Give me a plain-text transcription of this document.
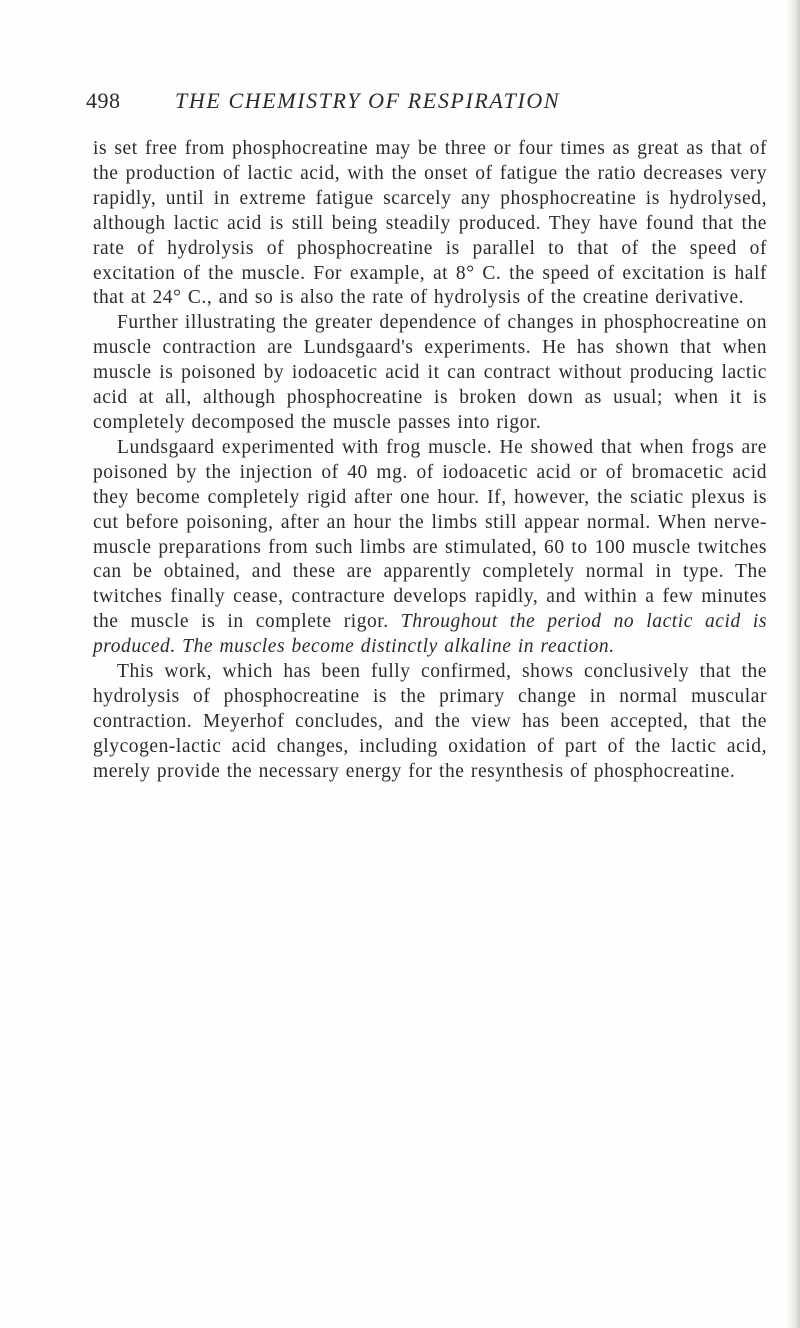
498 THE CHEMISTRY OF RESPIRATION

is set free from phosphocreatine may be three or four times as great as that of the production of lactic acid, with the onset of fatigue the ratio decreases very rapidly, until in extreme fatigue scarcely any phosphocreatine is hydrolysed, although lactic acid is still being steadily produced. They have found that the rate of hydrolysis of phosphocreatine is parallel to that of the speed of excitation of the muscle. For example, at 8° C. the speed of excitation is half that at 24° C., and so is also the rate of hydrolysis of the creatine derivative.

Further illustrating the greater dependence of changes in phosphocreatine on muscle contraction are Lundsgaard's experiments. He has shown that when muscle is poisoned by iodoacetic acid it can contract without producing lactic acid at all, although phosphocreatine is broken down as usual; when it is completely decomposed the muscle passes into rigor.

Lundsgaard experimented with frog muscle. He showed that when frogs are poisoned by the injection of 40 mg. of iodoacetic acid or of bromacetic acid they become completely rigid after one hour. If, however, the sciatic plexus is cut before poisoning, after an hour the limbs still appear normal. When nerve-muscle preparations from such limbs are stimulated, 60 to 100 muscle twitches can be obtained, and these are apparently completely normal in type. The twitches finally cease, contracture develops rapidly, and within a few minutes the muscle is in complete rigor. Throughout the period no lactic acid is produced. The muscles become distinctly alkaline in reaction.

This work, which has been fully confirmed, shows conclusively that the hydrolysis of phosphocreatine is the primary change in normal muscular contraction. Meyerhof concludes, and the view has been accepted, that the glycogen-lactic acid changes, including oxidation of part of the lactic acid, merely provide the necessary energy for the resynthesis of phosphocreatine.
